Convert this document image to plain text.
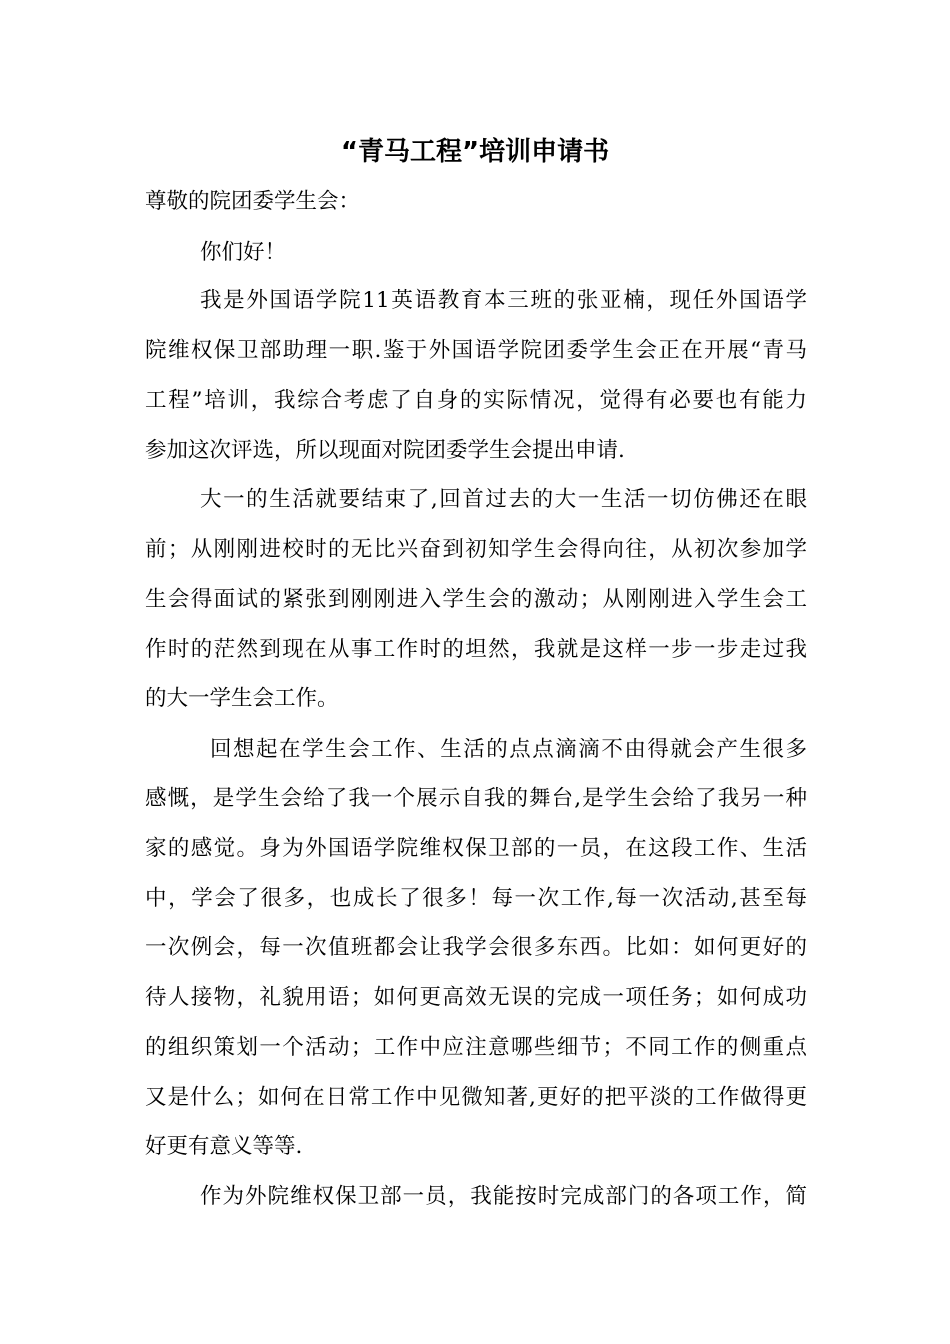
“青马工程”培训申请书
尊敬的院团委学生会：
你们好！
我是外国语学院11英语教育本三班的张亚楠，现任外国语学
院维权保卫部助理一职.鉴于外国语学院团委学生会正在开展“青马
工程”培训，我综合考虑了自身的实际情况，觉得有必要也有能力
参加这次评选，所以现面对院团委学生会提出申请.
大一的生活就要结束了,回首过去的大一生活一切仿佛还在眼
前；从刚刚进校时的无比兴奋到初知学生会得向往，从初次参加学
生会得面试的紧张到刚刚进入学生会的激动；从刚刚进入学生会工
作时的茫然到现在从事工作时的坦然，我就是这样一步一步走过我
的大一学生会工作。
回想起在学生会工作、生活的点点滴滴不由得就会产生很多
感慨，是学生会给了我一个展示自我的舞台,是学生会给了我另一种
家的感觉。身为外国语学院维权保卫部的一员，在这段工作、生活
中，学会了很多，也成长了很多！每一次工作,每一次活动,甚至每
一次例会，每一次值班都会让我学会很多东西。比如：如何更好的
待人接物，礼貌用语；如何更高效无误的完成一项任务；如何成功
的组织策划一个活动；工作中应注意哪些细节；不同工作的侧重点
又是什么；如何在日常工作中见微知著,更好的把平淡的工作做得更
好更有意义等等.
作为外院维权保卫部一员，我能按时完成部门的各项工作，简
